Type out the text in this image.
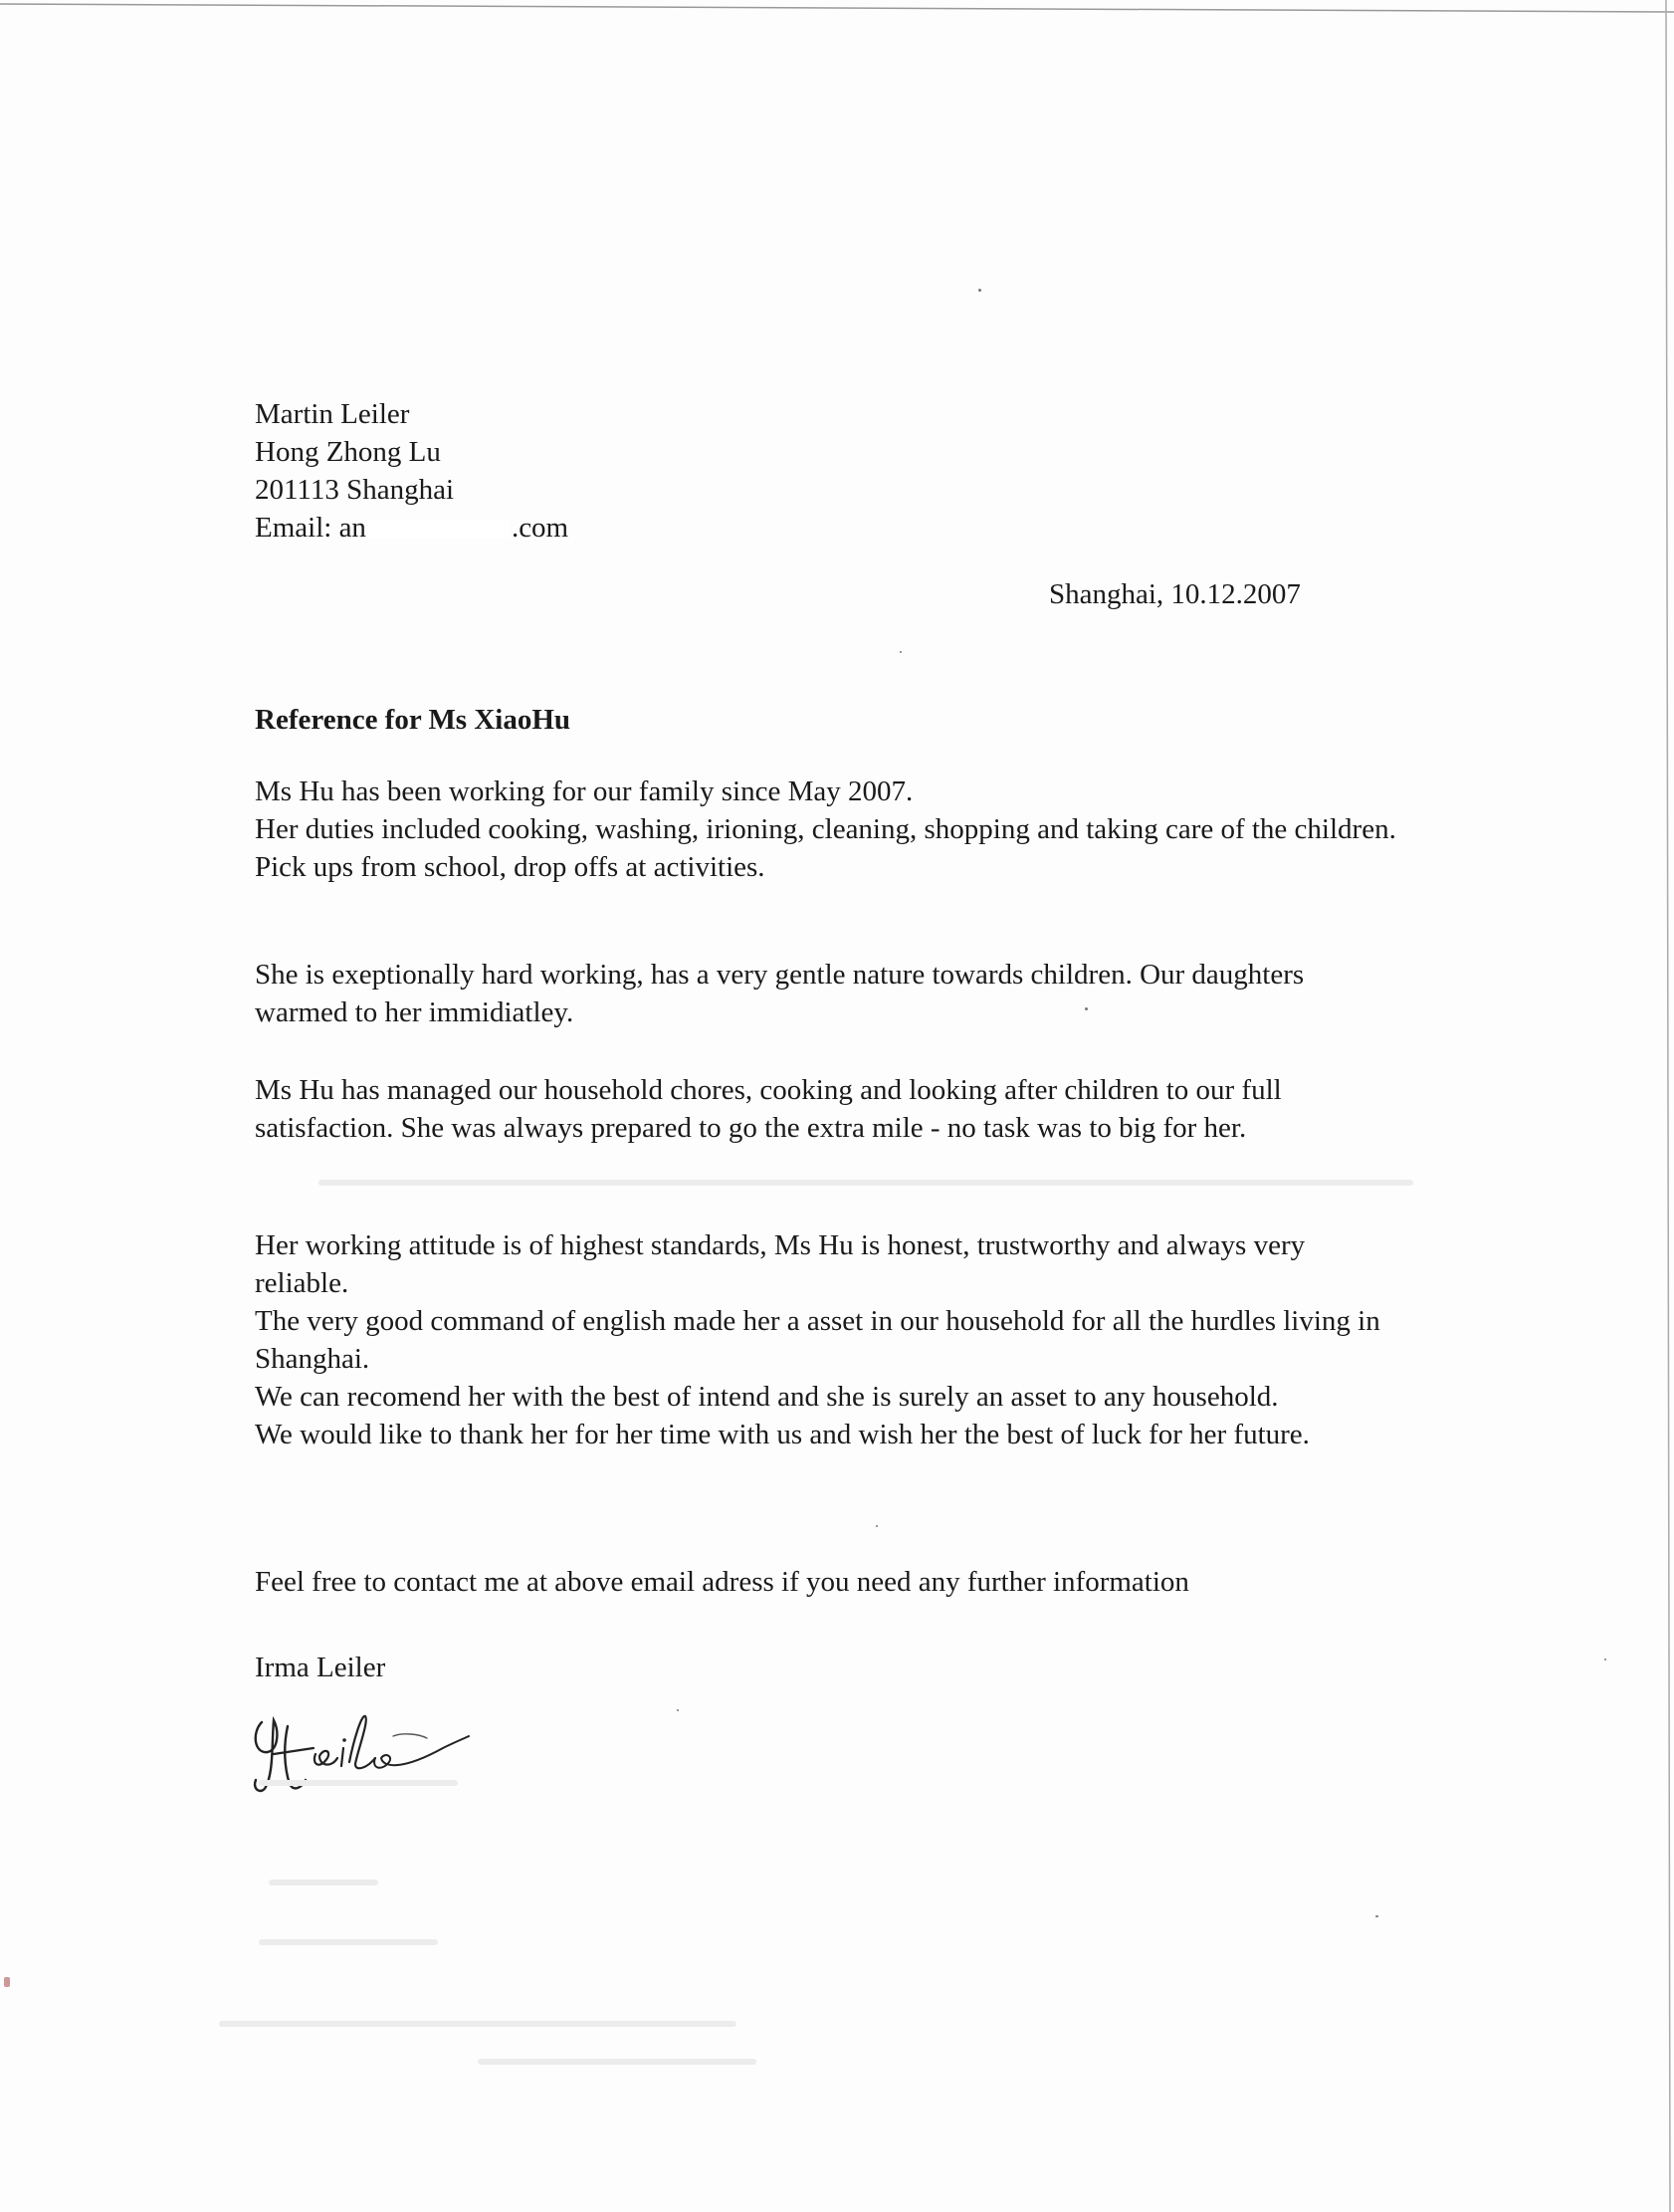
Martin Leiler
Hong Zhong Lu
201113 Shanghai
Email: an	.com
Shanghai, 10.12.2007
Reference for Ms XiaoHu
Ms Hu has been working for our family since May 2007.
Her duties included cooking, washing, irioning, cleaning, shopping and taking care of the children.
Pick ups from school, drop offs at activities.
She is exeptionally hard working, has a very gentle nature towards children. Our daughters warmed to her immidiatley.
Ms Hu has managed our household chores, cooking and looking after children to our full satisfaction. She was always prepared to go the extra mile - no task was to big for her.
Her working attitude is of highest standards, Ms Hu is honest, trustworthy and always very reliable.
The very good command of english made her a asset in our household for all the hurdles living in Shanghai.
We can recomend her with the best of intend and she is surely an asset to any household.
We would like to thank her for her time with us and wish her the best of luck for her future.
Feel free to contact me at above email adress if you need any further information
Irma Leiler
